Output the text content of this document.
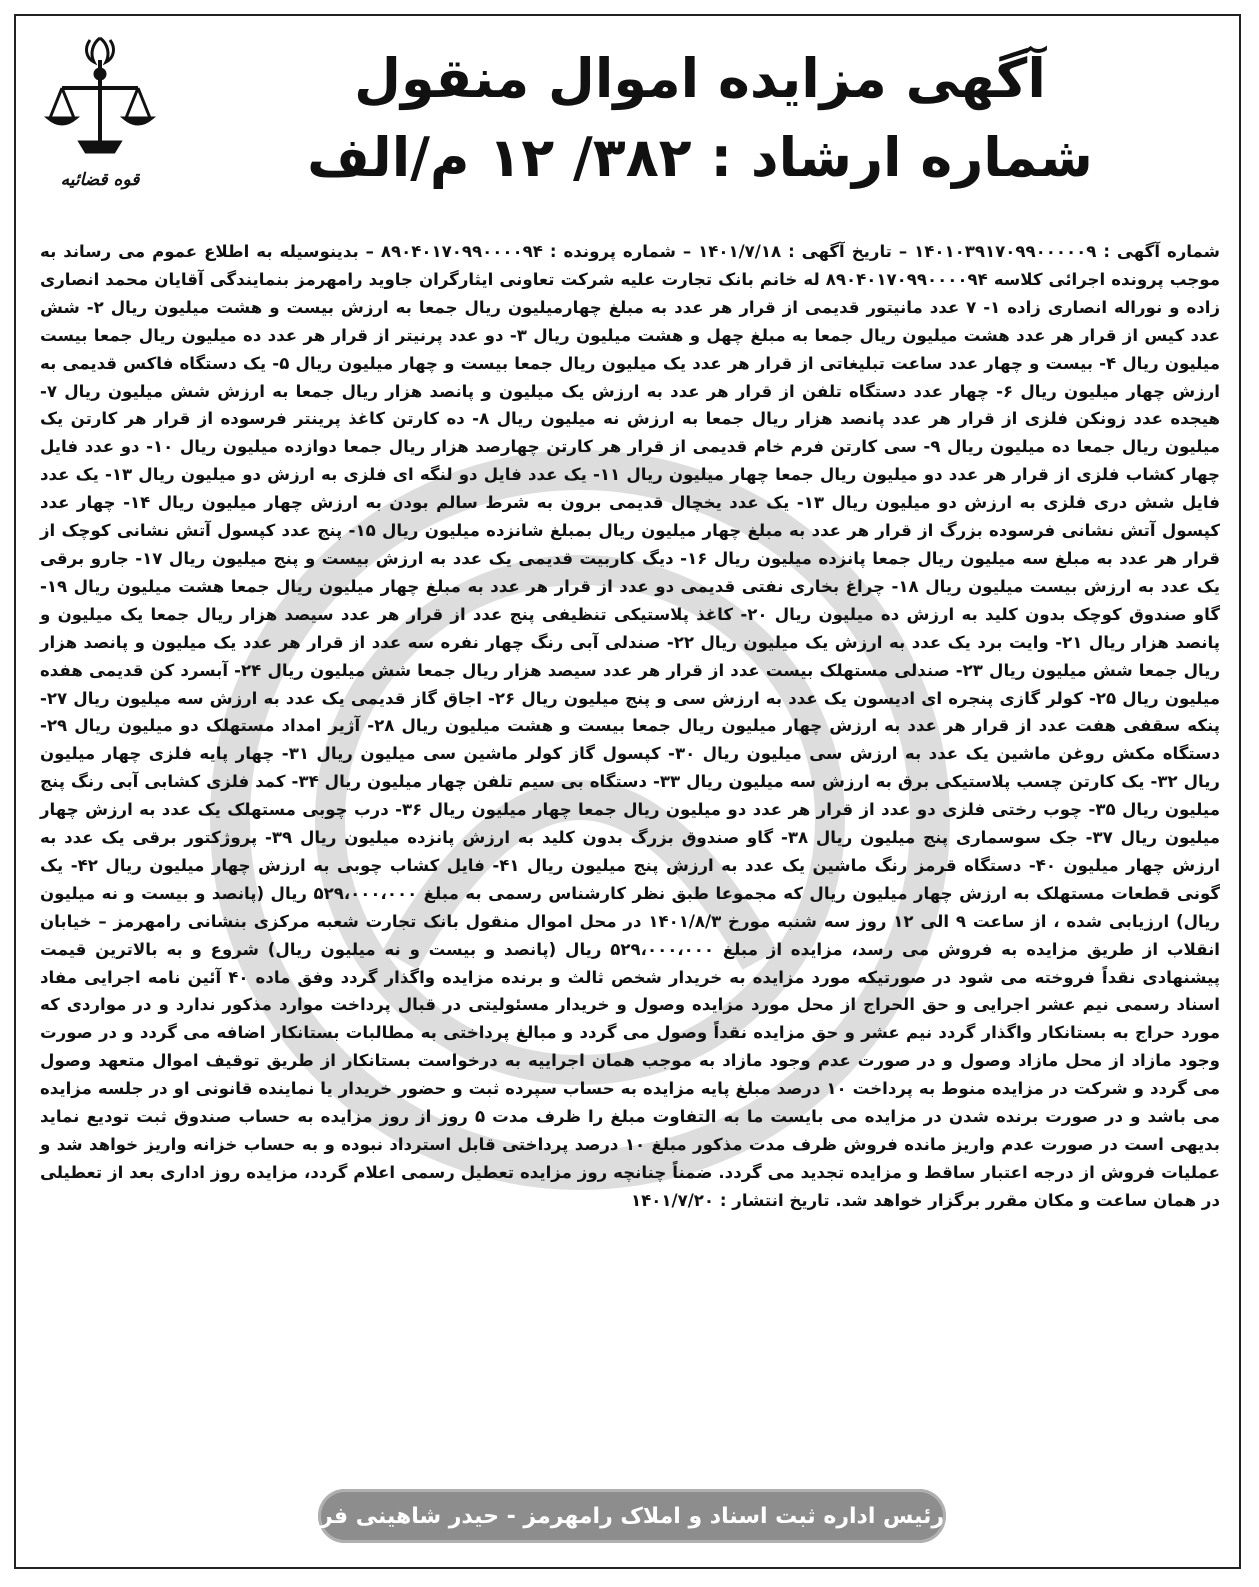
قوه قضائیه
آگهی مزایده اموال منقول
شماره ارشاد : ۳۸۲/ ۱۲ م/الف
شماره آگهی : ۱۴۰۱۰۳۹۱۷۰۹۹۰۰۰۰۰۹ – تاریخ آگهی : ۱۴۰۱/۷/۱۸ – شماره پرونده : ۸۹۰۴۰۱۷۰۹۹۰۰۰۰۹۴ – بدینوسیله به اطلاع عموم می رساند به موجب پرونده اجرائی کلاسه ۸۹۰۴۰۱۷۰۹۹۰۰۰۰۹۴ له خانم بانک تجارت علیه شرکت تعاونی ایثارگران جاوید رامهرمز بنمایندگی آقایان محمد انصاری زاده و نوراله انصاری زاده ۱- ۷ عدد مانیتور قدیمی از قرار هر عدد به مبلغ چهارمیلیون ریال جمعا به ارزش بیست و هشت میلیون ریال ۲- شش عدد کیس از قرار هر عدد هشت میلیون ریال جمعا به مبلغ چهل و هشت میلیون ریال ۳- دو عدد پرنیتر از قرار هر عدد ده میلیون ریال جمعا بیست میلیون ریال ۴- بیست و چهار عدد ساعت تبلیغاتی از قرار هر عدد یک میلیون ریال جمعا بیست و چهار میلیون ریال ۵- یک دستگاه فاکس قدیمی به ارزش چهار میلیون ریال ۶- چهار عدد دستگاه تلفن از قرار هر عدد به ارزش یک میلیون و پانصد هزار ریال جمعا به ارزش شش میلیون ریال ۷- هیجده عدد زونکن فلزی از قرار هر عدد پانصد هزار ریال جمعا به ارزش نه میلیون ریال ۸- ده کارتن کاغذ پرینتر فرسوده از قرار هر کارتن یک میلیون ریال جمعا ده میلیون ریال ۹- سی کارتن فرم خام قدیمی از قرار هر کارتن چهارصد هزار ریال جمعا دوازده میلیون ریال ۱۰- دو عدد فایل چهار کشاب فلزی از قرار هر عدد دو میلیون ریال جمعا چهار میلیون ریال ۱۱- یک عدد فایل دو لنگه ای فلزی به ارزش دو میلیون ریال ۱۳- یک عدد فایل شش دری فلزی به ارزش دو میلیون ریال ۱۳- یک عدد یخچال قدیمی برون به شرط سالم بودن به ارزش چهار میلیون ریال ۱۴- چهار عدد کپسول آتش نشانی فرسوده بزرگ از قرار هر عدد به مبلغ چهار میلیون ریال بمبلغ شانزده میلیون ریال ۱۵- پنج عدد کپسول آتش نشانی کوچک از قرار هر عدد به مبلغ سه میلیون ریال جمعا پانزده میلیون ریال ۱۶- دیگ کاربیت قدیمی یک عدد به ارزش بیست و پنج میلیون ریال ۱۷- جارو برقی یک عدد به ارزش بیست میلیون ریال ۱۸- چراغ بخاری نفتی قدیمی دو عدد از قرار هر عدد به مبلغ چهار میلیون ریال جمعا هشت میلیون ریال ۱۹- گاو صندوق کوچک بدون کلید به ارزش ده میلیون ریال ۲۰- کاغذ پلاستیکی تنظیفی پنج عدد از قرار هر عدد سیصد هزار ریال جمعا یک میلیون و پانصد هزار ریال ۲۱- وایت برد یک عدد به ارزش یک میلیون ریال ۲۲- صندلی آبی رنگ چهار نفره سه عدد از قرار هر عدد یک میلیون و پانصد هزار ریال جمعا شش میلیون ریال ۲۳- صندلی مستهلک بیست عدد از قرار هر عدد سیصد هزار ریال جمعا شش میلیون ریال ۲۴- آبسرد کن قدیمی هفده میلیون ریال ۲۵- کولر گازی پنجره ای ادیسون یک عدد به ارزش سی و پنج میلیون ریال ۲۶- اجاق گاز قدیمی یک عدد به ارزش سه میلیون ریال ۲۷-پنکه سقفی هفت عدد از قرار هر عدد به ارزش چهار میلیون ریال جمعا بیست و هشت میلیون ریال ۲۸- آژیر امداد مستهلک دو میلیون ریال ۲۹- دستگاه مکش روغن ماشین یک عدد به ارزش سی میلیون ریال ۳۰- کپسول گاز کولر ماشین سی میلیون ریال ۳۱- چهار پایه فلزی چهار میلیون ریال ۳۲- یک کارتن چسب پلاستیکی برق به ارزش سه میلیون ریال ۳۳- دستگاه بی سیم تلفن چهار میلیون ریال ۳۴- کمد فلزی کشابی آبی رنگ پنج میلیون ریال ۳۵- چوب رختی فلزی دو عدد از قرار هر عدد دو میلیون ریال جمعا چهار میلیون ریال ۳۶- درب چوبی مستهلک یک عدد به ارزش چهار میلیون ریال ۳۷- جک سوسماری پنج میلیون ریال ۳۸- گاو صندوق بزرگ بدون کلید به ارزش پانزده میلیون ریال ۳۹- پروژکتور برقی یک عدد به ارزش چهار میلیون ۴۰- دستگاه قرمز رنگ ماشین یک عدد به ارزش پنج میلیون ریال ۴۱- فایل کشاب چوبی به ارزش چهار میلیون ریال ۴۲- یک گونی قطعات مستهلک به ارزش چهار میلیون ریال که مجموعا طبق نظر کارشناس رسمی به مبلغ ۵۲۹،۰۰۰،۰۰۰ ریال (پانصد و بیست و نه میلیون ریال) ارزیابی شده ، از ساعت ۹ الی ۱۲ روز سه شنبه مورخ ۱۴۰۱/۸/۳ در محل اموال منقول بانک تجارت شعبه مرکزی بنشانی رامهرمز – خیابان انقلاب از طریق مزایده به فروش می رسد، مزایده از مبلغ ۵۲۹،۰۰۰،۰۰۰ ریال (پانصد و بیست و نه میلیون ریال) شروع و به بالاترین قیمت پیشنهادی نقداً فروخته می شود در صورتیکه مورد مزایده به خریدار شخص ثالث و برنده مزایده واگذار گردد وفق ماده ۴۰ آئین نامه اجرایی مفاد اسناد رسمی نیم عشر اجرایی و حق الحراج از محل مورد مزایده وصول و خریدار مسئولیتی در قبال پرداخت موارد مذکور ندارد و در مواردی که مورد حراج به بستانکار واگذار گردد نیم عشر و حق مزایده نقداً وصول می گردد و مبالغ پرداختی به مطالبات بستانکار اضافه می گردد و در صورت وجود مازاد از محل مازاد وصول و در صورت عدم وجود مازاد به موجب همان اجراییه به درخواست بستانکار از طریق توقیف اموال متعهد وصول می گردد و شرکت در مزایده منوط به پرداخت ۱۰ درصد مبلغ پایه مزایده به حساب سپرده ثبت و حضور خریدار یا نماینده قانونی او در جلسه مزایده می باشد و در صورت برنده شدن در مزایده می بایست ما به التفاوت مبلغ را ظرف مدت ۵ روز از روز مزایده به حساب صندوق ثبت تودیع نماید بدیهی است در صورت عدم واریز مانده فروش ظرف مدت مذکور مبلغ ۱۰ درصد پرداختی قابل استرداد نبوده و به حساب خزانه واریز خواهد شد و عملیات فروش از درجه اعتبار ساقط و مزایده تجدید می گردد. ضمناً چنانچه روز مزایده تعطیل رسمی اعلام گردد، مزایده روز اداری بعد از تعطیلی در همان ساعت و مکان مقرر برگزار خواهد شد. تاریخ انتشار : ۱۴۰۱/۷/۲۰
رئیس اداره ثبت اسناد و املاک رامهرمز - حیدر شاهینی فر
